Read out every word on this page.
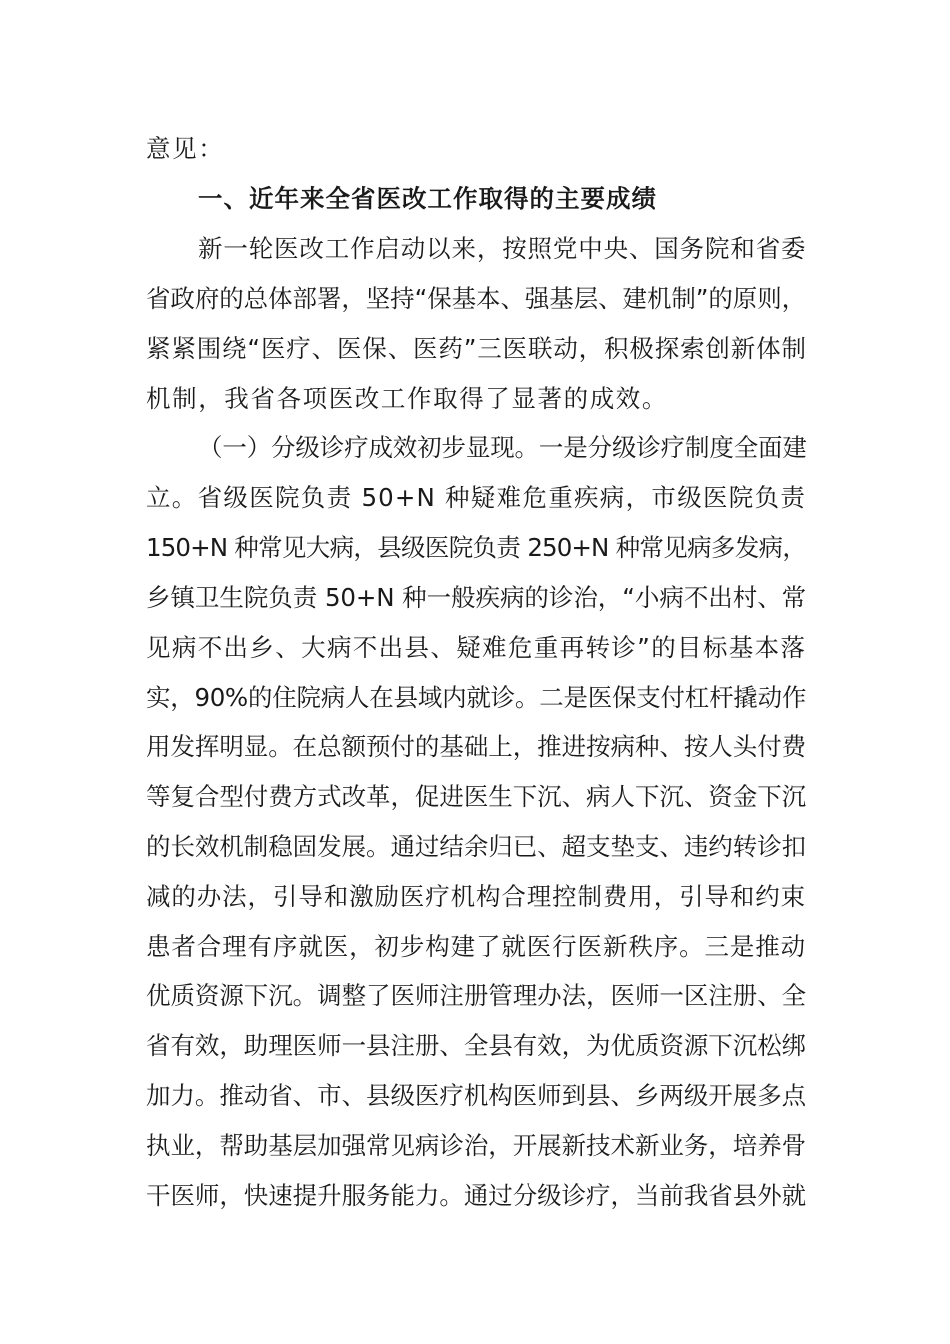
意见：
一、近年来全省医改工作取得的主要成绩
新一轮医改工作启动以来，按照党中央、国务院和省委
省政府的总体部署，坚持“保基本、强基层、建机制”的原则，
紧紧围绕“医疗、医保、医药”三医联动，积极探索创新体制
机制，我省各项医改工作取得了显著的成效。
（一）分级诊疗成效初步显现。一是分级诊疗制度全面建
立。省级医院负责 50+N 种疑难危重疾病，市级医院负责
150+N 种常见大病，县级医院负责 250+N 种常见病多发病，
乡镇卫生院负责 50+N 种一般疾病的诊治，“小病不出村、常
见病不出乡、大病不出县、疑难危重再转诊”的目标基本落
实，90%的住院病人在县域内就诊。二是医保支付杠杆撬动作
用发挥明显。在总额预付的基础上，推进按病种、按人头付费
等复合型付费方式改革，促进医生下沉、病人下沉、资金下沉
的长效机制稳固发展。通过结余归已、超支垫支、违约转诊扣
减的办法，引导和激励医疗机构合理控制费用，引导和约束
患者合理有序就医，初步构建了就医行医新秩序。三是推动
优质资源下沉。调整了医师注册管理办法，医师一区注册、全
省有效，助理医师一县注册、全县有效，为优质资源下沉松绑
加力。推动省、市、县级医疗机构医师到县、乡两级开展多点
执业，帮助基层加强常见病诊治，开展新技术新业务，培养骨
干医师，快速提升服务能力。通过分级诊疗，当前我省县外就
